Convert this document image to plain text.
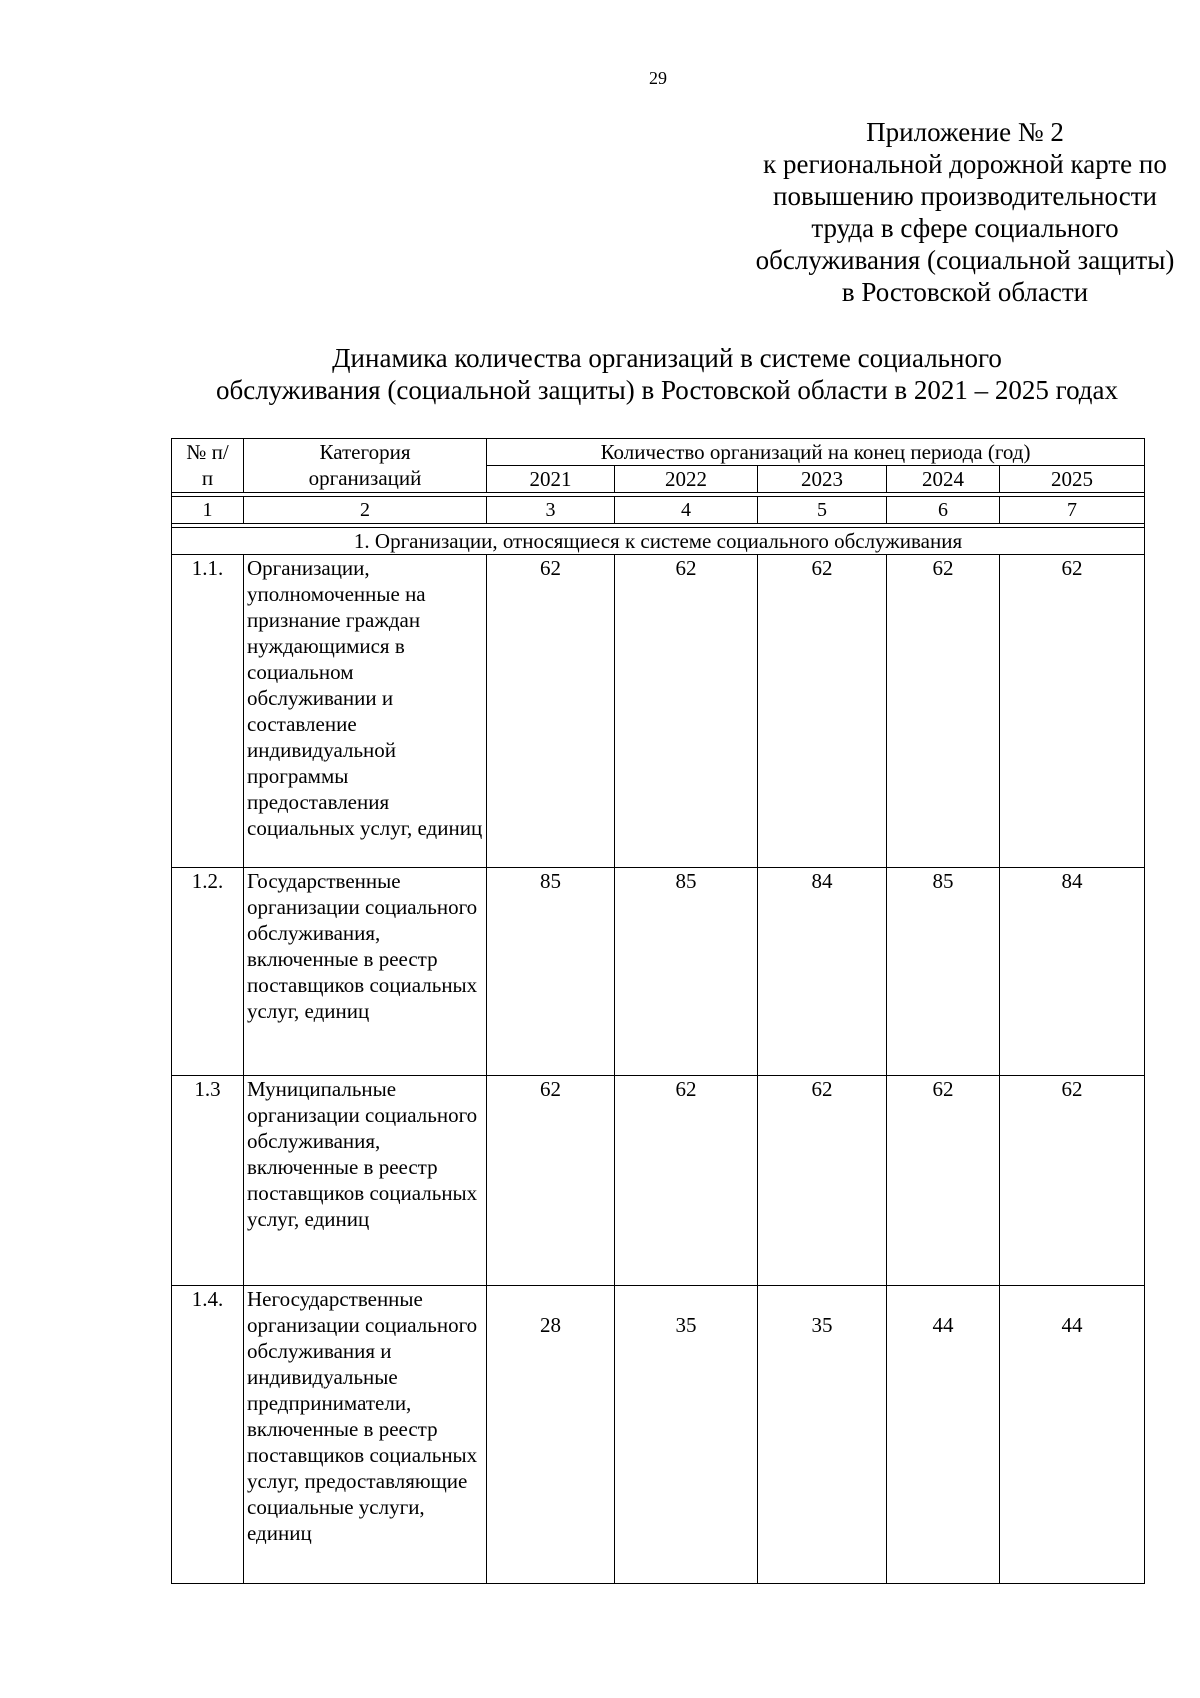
29
Приложение № 2
к региональной дорожной карте по
повышению производительности
труда в сфере социального
обслуживания (социальной защиты)
в Ростовской области
Динамика количества организаций в системе социального
обслуживания (социальной защиты) в Ростовской области в 2021 – 2025 годах
№ п/п	Категория организаций	Количество организаций на конец периода (год)				
		2021	2022	2023	2024	2025

1	2	3	4	5	6	7

1. Организации, относящиеся к системе социального обслуживания						
1.1.	Организации, уполномоченные на признание граждан нуждающимися в социальном обслуживании и составление индивидуальной программы предоставления социальных услуг, единиц	62	62	62	62	62
1.2.	Государственные организации социального обслуживания, включенные в реестр поставщиков социальных услуг, единиц	85	85	84	85	84
1.3	Муниципальные организации социального обслуживания, включенные в реестр поставщиков социальных услуг, единиц	62	62	62	62	62
1.4.	Негосударственные организации социального обслуживания и индивидуальные предприниматели, включенные в реестр поставщиков социальных услуг, предоставляющие социальные услуги, единиц	28	35	35	44	44
